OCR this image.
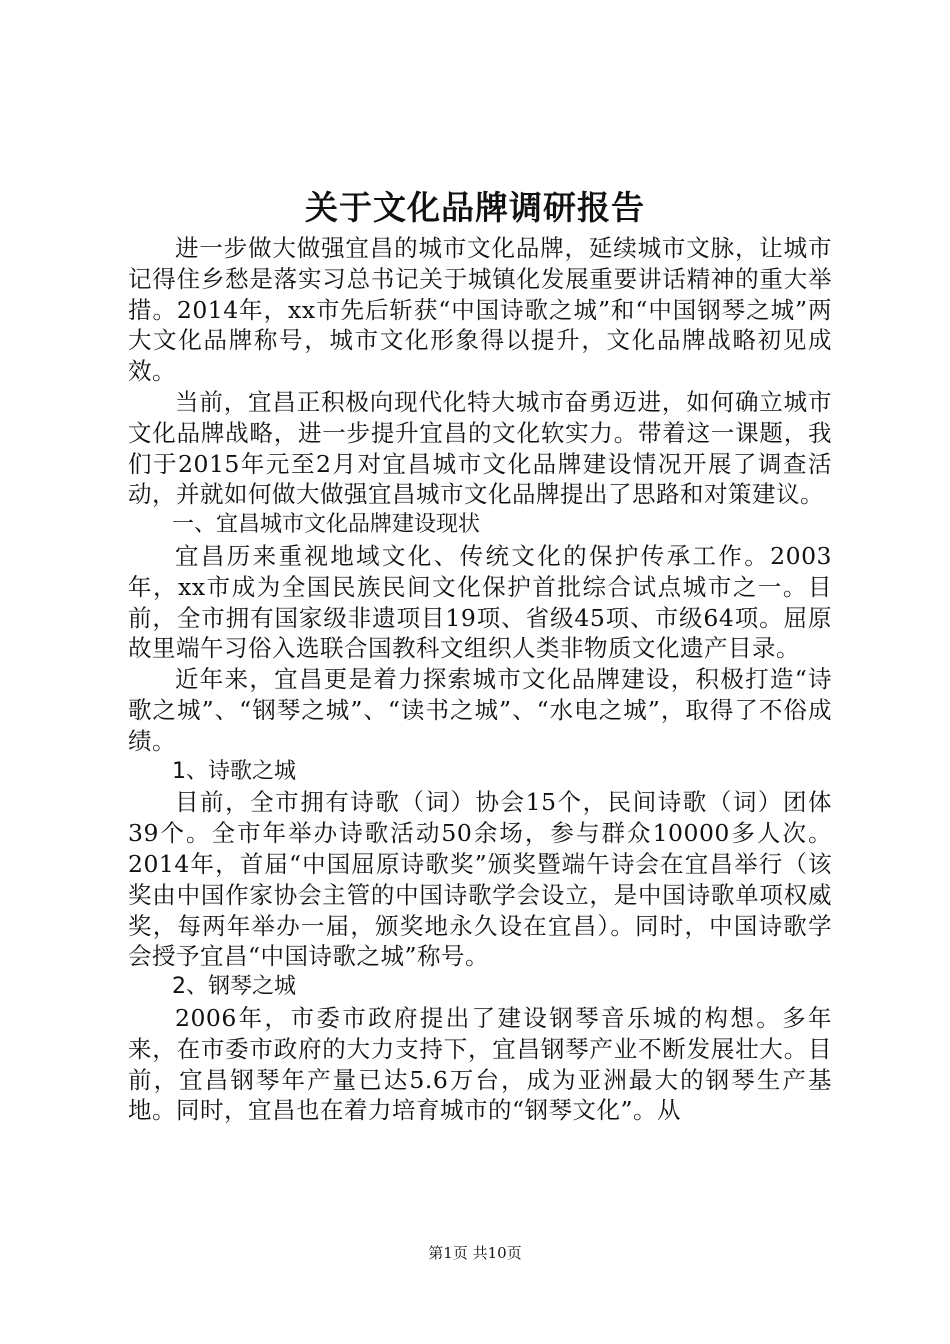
关于文化品牌调研报告

进一步做大做强宜昌的城市文化品牌，延续城市文脉，让城市记得住乡愁是落实习总书记关于城镇化发展重要讲话精神的重大举措。2014年，xx市先后斩获“中国诗歌之城”和“中国钢琴之城”两大文化品牌称号，城市文化形象得以提升，文化品牌战略初见成效。

当前，宜昌正积极向现代化特大城市奋勇迈进，如何确立城市文化品牌战略，进一步提升宜昌的文化软实力。带着这一课题，我们于2015年元至2月对宜昌城市文化品牌建设情况开展了调查活动，并就如何做大做强宜昌城市文化品牌提出了思路和对策建议。

一、宜昌城市文化品牌建设现状

宜昌历来重视地域文化、传统文化的保护传承工作。2003年，xx市成为全国民族民间文化保护首批综合试点城市之一。目前，全市拥有国家级非遗项目19项、省级45项、市级64项。屈原故里端午习俗入选联合国教科文组织人类非物质文化遗产目录。

近年来，宜昌更是着力探索城市文化品牌建设，积极打造“诗歌之城”、“钢琴之城”、“读书之城”、“水电之城”，取得了不俗成绩。

1、诗歌之城

目前，全市拥有诗歌（词）协会15个，民间诗歌（词）团体39个。全市年举办诗歌活动50余场，参与群众10000多人次。2014年，首届“中国屈原诗歌奖”颁奖暨端午诗会在宜昌举行（该奖由中国作家协会主管的中国诗歌学会设立，是中国诗歌单项权威奖，每两年举办一届，颁奖地永久设在宜昌）。同时，中国诗歌学会授予宜昌“中国诗歌之城”称号。

2、钢琴之城

2006年，市委市政府提出了建设钢琴音乐城的构想。多年来，在市委市政府的大力支持下，宜昌钢琴产业不断发展壮大。目前，宜昌钢琴年产量已达5.6万台，成为亚洲最大的钢琴生产基地。同时，宜昌也在着力培育城市的“钢琴文化”。从

第1页 共10页
